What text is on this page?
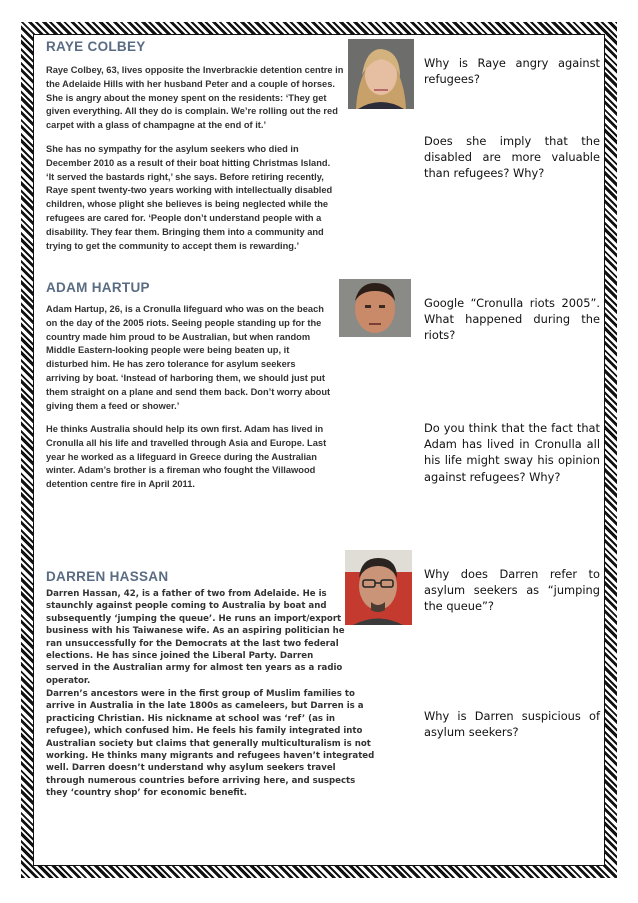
RAYE COLBEY

Raye Colbey, 63, lives opposite the Inverbrackie detention centre in the Adelaide Hills with her husband Peter and a couple of horses. She is angry about the money spent on the residents: ‘They get given everything. All they do is complain. We’re rolling out the red carpet with a glass of champagne at the end of it.’

She has no sympathy for the asylum seekers who died in December 2010 as a result of their boat hitting Christmas Island. ‘It served the bastards right,’ she says. Before retiring recently, Raye spent twenty-two years working with intellectually disabled children, whose plight she believes is being neglected while the refugees are cared for. ‘People don’t understand people with a disability. They fear them. Bringing them into a community and trying to get the community to accept them is rewarding.’

ADAM HARTUP

Adam Hartup, 26, is a Cronulla lifeguard who was on the beach on the day of the 2005 riots. Seeing people standing up for the country made him proud to be Australian, but when random Middle Eastern-looking people were being beaten up, it disturbed him. He has zero tolerance for asylum seekers arriving by boat. ‘Instead of harboring them, we should just put them straight on a plane and send them back. Don’t worry about giving them a feed or shower.’

He thinks Australia should help its own first. Adam has lived in Cronulla all his life and travelled through Asia and Europe. Last year he worked as a lifeguard in Greece during the Australian winter. Adam’s brother is a fireman who fought the Villawood detention centre fire in April 2011.

DARREN HASSAN

Darren Hassan, 42, is a father of two from Adelaide. He is staunchly against people coming to Australia by boat and subsequently ‘jumping the queue’. He runs an import/export business with his Taiwanese wife. As an aspiring politician he ran unsuccessfully for the Democrats at the last two federal elections. He has since joined the Liberal Party. Darren served in the Australian army for almost ten years as a radio operator.

Darren’s ancestors were in the first group of Muslim families to arrive in Australia in the late 1800s as cameleers, but Darren is a practicing Christian. His nickname at school was ‘ref’ (as in refugee), which confused him. He feels his family integrated into Australian society but claims that generally multiculturalism is not working. He thinks many migrants and refugees haven’t integrated well. Darren doesn’t understand why asylum seekers travel through numerous countries before arriving here, and suspects they ‘country shop’ for economic benefit.

Why is Raye angry against refugees?

Does she imply that the disabled are more valuable than refugees? Why?

Google “Cronulla riots 2005”. What happened during the riots?

Do you think that the fact that Adam has lived in Cronulla all his life might sway his opinion against refugees? Why?

Why does Darren refer to asylum seekers as “jumping the queue”?

Why is Darren suspicious of asylum seekers?
